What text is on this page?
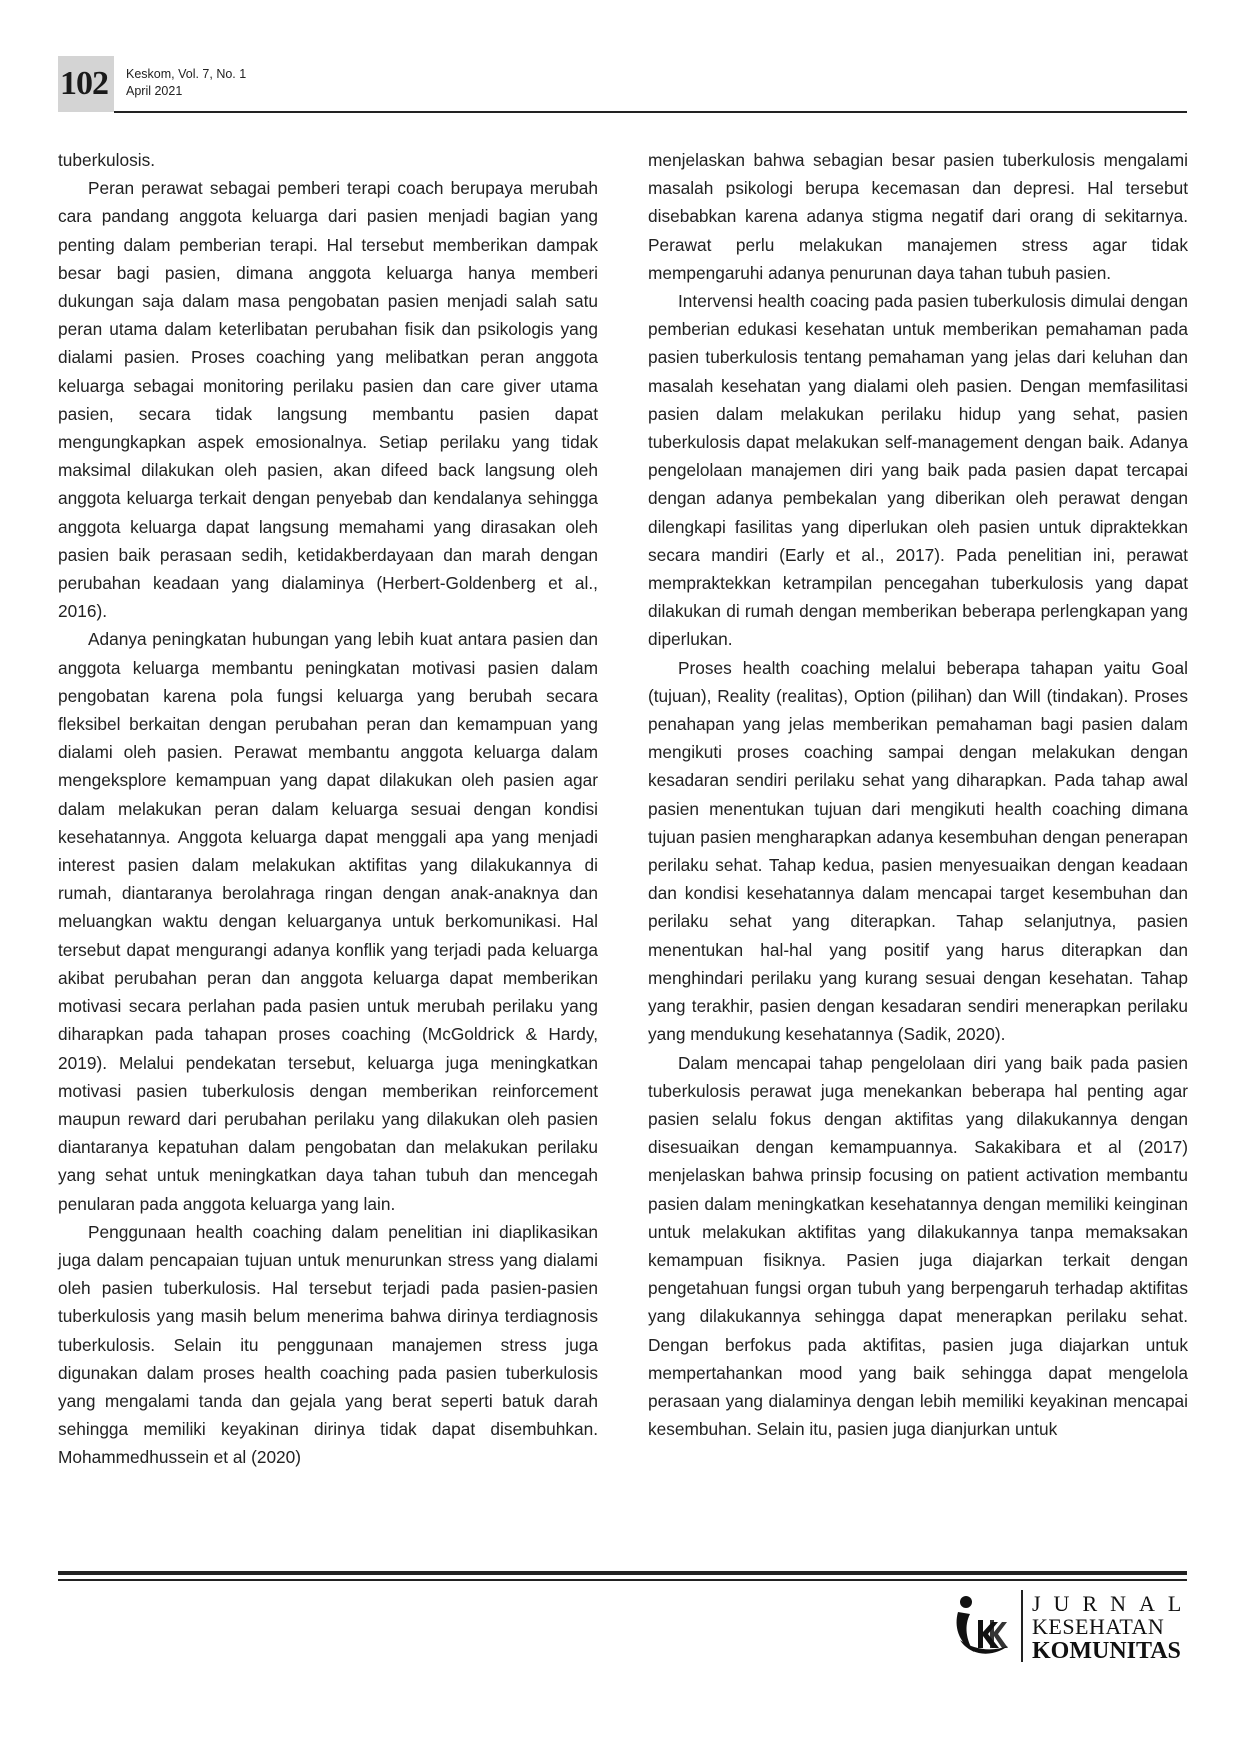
102 Keskom, Vol. 7, No. 1
April 2021

tuberkulosis.

Peran perawat sebagai pemberi terapi coach berupaya merubah cara pandang anggota keluarga dari pasien menjadi bagian yang penting dalam pemberian terapi. Hal tersebut memberikan dampak besar bagi pasien, dimana anggota keluarga hanya memberi dukungan saja dalam masa pengobatan pasien menjadi salah satu peran utama dalam keterlibatan perubahan fisik dan psikologis yang dialami pasien. Proses coaching yang melibatkan peran anggota keluarga sebagai monitoring perilaku pasien dan care giver utama pasien, secara tidak langsung membantu pasien dapat mengungkapkan aspek emosionalnya. Setiap perilaku yang tidak maksimal dilakukan oleh pasien, akan difeed back langsung oleh anggota keluarga terkait dengan penyebab dan kendalanya sehingga anggota keluarga dapat langsung memahami yang dirasakan oleh pasien baik perasaan sedih, ketidakberdayaan dan marah dengan perubahan keadaan yang dialaminya (Herbert-Goldenberg et al., 2016).

Adanya peningkatan hubungan yang lebih kuat antara pasien dan anggota keluarga membantu peningkatan motivasi pasien dalam pengobatan karena pola fungsi keluarga yang berubah secara fleksibel berkaitan dengan perubahan peran dan kemampuan yang dialami oleh pasien. Perawat membantu anggota keluarga dalam mengeksplore kemampuan yang dapat dilakukan oleh pasien agar dalam melakukan peran dalam keluarga sesuai dengan kondisi kesehatannya. Anggota keluarga dapat menggali apa yang menjadi interest pasien dalam melakukan aktifitas yang dilakukannya di rumah, diantaranya berolahraga ringan dengan anak-anaknya dan meluangkan waktu dengan keluarganya untuk berkomunikasi. Hal tersebut dapat mengurangi adanya konflik yang terjadi pada keluarga akibat perubahan peran dan anggota keluarga dapat memberikan motivasi secara perlahan pada pasien untuk merubah perilaku yang diharapkan pada tahapan proses coaching (McGoldrick & Hardy, 2019). Melalui pendekatan tersebut, keluarga juga meningkatkan motivasi pasien tuberkulosis dengan memberikan reinforcement maupun reward dari perubahan perilaku yang dilakukan oleh pasien diantaranya kepatuhan dalam pengobatan dan melakukan perilaku yang sehat untuk meningkatkan daya tahan tubuh dan mencegah penularan pada anggota keluarga yang lain.

Penggunaan health coaching dalam penelitian ini diaplikasikan juga dalam pencapaian tujuan untuk menurunkan stress yang dialami oleh pasien tuberkulosis. Hal tersebut terjadi pada pasien-pasien tuberkulosis yang masih belum menerima bahwa dirinya terdiagnosis tuberkulosis. Selain itu penggunaan manajemen stress juga digunakan dalam proses health coaching pada pasien tuberkulosis yang mengalami tanda dan gejala yang berat seperti batuk darah sehingga memiliki keyakinan dirinya tidak dapat disembuhkan. Mohammedhussein et al (2020)

menjelaskan bahwa sebagian besar pasien tuberkulosis mengalami masalah psikologi berupa kecemasan dan depresi. Hal tersebut disebabkan karena adanya stigma negatif dari orang di sekitarnya. Perawat perlu melakukan manajemen stress agar tidak mempengaruhi adanya penurunan daya tahan tubuh pasien.

Intervensi health coacing pada pasien tuberkulosis dimulai dengan pemberian edukasi kesehatan untuk memberikan pemahaman pada pasien tuberkulosis tentang pemahaman yang jelas dari keluhan dan masalah kesehatan yang dialami oleh pasien. Dengan memfasilitasi pasien dalam melakukan perilaku hidup yang sehat, pasien tuberkulosis dapat melakukan self-management dengan baik. Adanya pengelolaan manajemen diri yang baik pada pasien dapat tercapai dengan adanya pembekalan yang diberikan oleh perawat dengan dilengkapi fasilitas yang diperlukan oleh pasien untuk dipraktekkan secara mandiri (Early et al., 2017). Pada penelitian ini, perawat mempraktekkan ketrampilan pencegahan tuberkulosis yang dapat dilakukan di rumah dengan memberikan beberapa perlengkapan yang diperlukan.

Proses health coaching melalui beberapa tahapan yaitu Goal (tujuan), Reality (realitas), Option (pilihan) dan Will (tindakan). Proses penahapan yang jelas memberikan pemahaman bagi pasien dalam mengikuti proses coaching sampai dengan melakukan dengan kesadaran sendiri perilaku sehat yang diharapkan. Pada tahap awal pasien menentukan tujuan dari mengikuti health coaching dimana tujuan pasien mengharapkan adanya kesembuhan dengan penerapan perilaku sehat. Tahap kedua, pasien menyesuaikan dengan keadaan dan kondisi kesehatannya dalam mencapai target kesembuhan dan perilaku sehat yang diterapkan. Tahap selanjutnya, pasien menentukan hal-hal yang positif yang harus diterapkan dan menghindari perilaku yang kurang sesuai dengan kesehatan. Tahap yang terakhir, pasien dengan kesadaran sendiri menerapkan perilaku yang mendukung kesehatannya (Sadik, 2020).

Dalam mencapai tahap pengelolaan diri yang baik pada pasien tuberkulosis perawat juga menekankan beberapa hal penting agar pasien selalu fokus dengan aktifitas yang dilakukannya dengan disesuaikan dengan kemampuannya. Sakakibara et al (2017) menjelaskan bahwa prinsip focusing on patient activation membantu pasien dalam meningkatkan kesehatannya dengan memiliki keinginan untuk melakukan aktifitas yang dilakukannya tanpa memaksakan kemampuan fisiknya. Pasien juga diajarkan terkait dengan pengetahuan fungsi organ tubuh yang berpengaruh terhadap aktifitas yang dilakukannya sehingga dapat menerapkan perilaku sehat. Dengan berfokus pada aktifitas, pasien juga diajarkan untuk mempertahankan mood yang baik sehingga dapat mengelola perasaan yang dialaminya dengan lebih memiliki keyakinan mencapai kesembuhan. Selain itu, pasien juga dianjurkan untuk

JURNAL
KESEHATAN
KOMUNITAS
